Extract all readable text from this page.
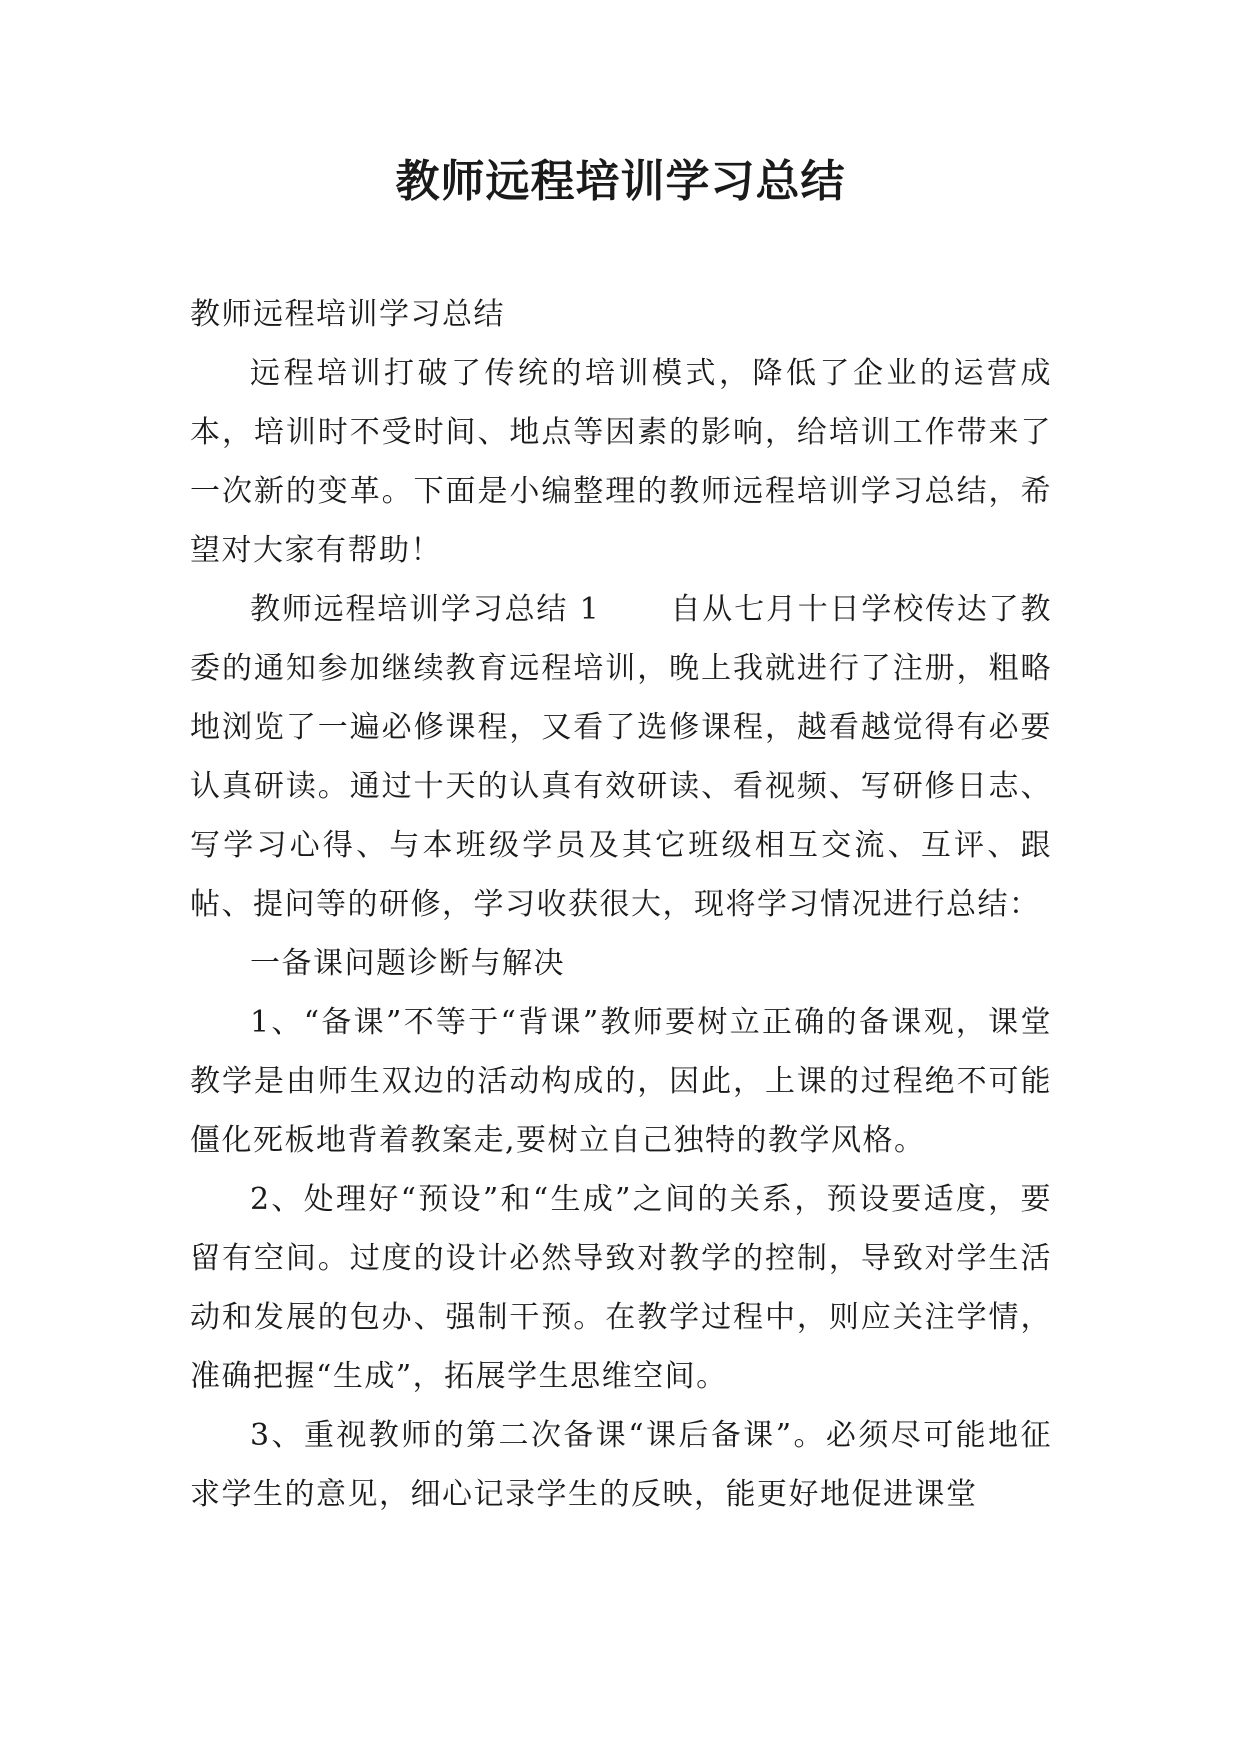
教师远程培训学习总结

教师远程培训学习总结

远程培训打破了传统的培训模式，降低了企业的运营成本，培训时不受时间、地点等因素的影响，给培训工作带来了一次新的变革。下面是小编整理的教师远程培训学习总结，希望对大家有帮助！

教师远程培训学习总结 1 自从七月十日学校传达了教委的通知参加继续教育远程培训，晚上我就进行了注册，粗略地浏览了一遍必修课程，又看了选修课程，越看越觉得有必要认真研读。通过十天的认真有效研读、看视频、写研修日志、写学习心得、与本班级学员及其它班级相互交流、互评、跟帖、提问等的研修，学习收获很大，现将学习情况进行总结：

一备课问题诊断与解决

1、“备课”不等于“背课”教师要树立正确的备课观，课堂教学是由师生双边的活动构成的，因此，上课的过程绝不可能僵化死板地背着教案走,要树立自己独特的教学风格。

2、处理好“预设”和“生成”之间的关系，预设要适度，要留有空间。过度的设计必然导致对教学的控制，导致对学生活动和发展的包办、强制干预。在教学过程中，则应关注学情，准确把握“生成”，拓展学生思维空间。

3、重视教师的第二次备课“课后备课”。必须尽可能地征求学生的意见，细心记录学生的反映，能更好地促进课堂
